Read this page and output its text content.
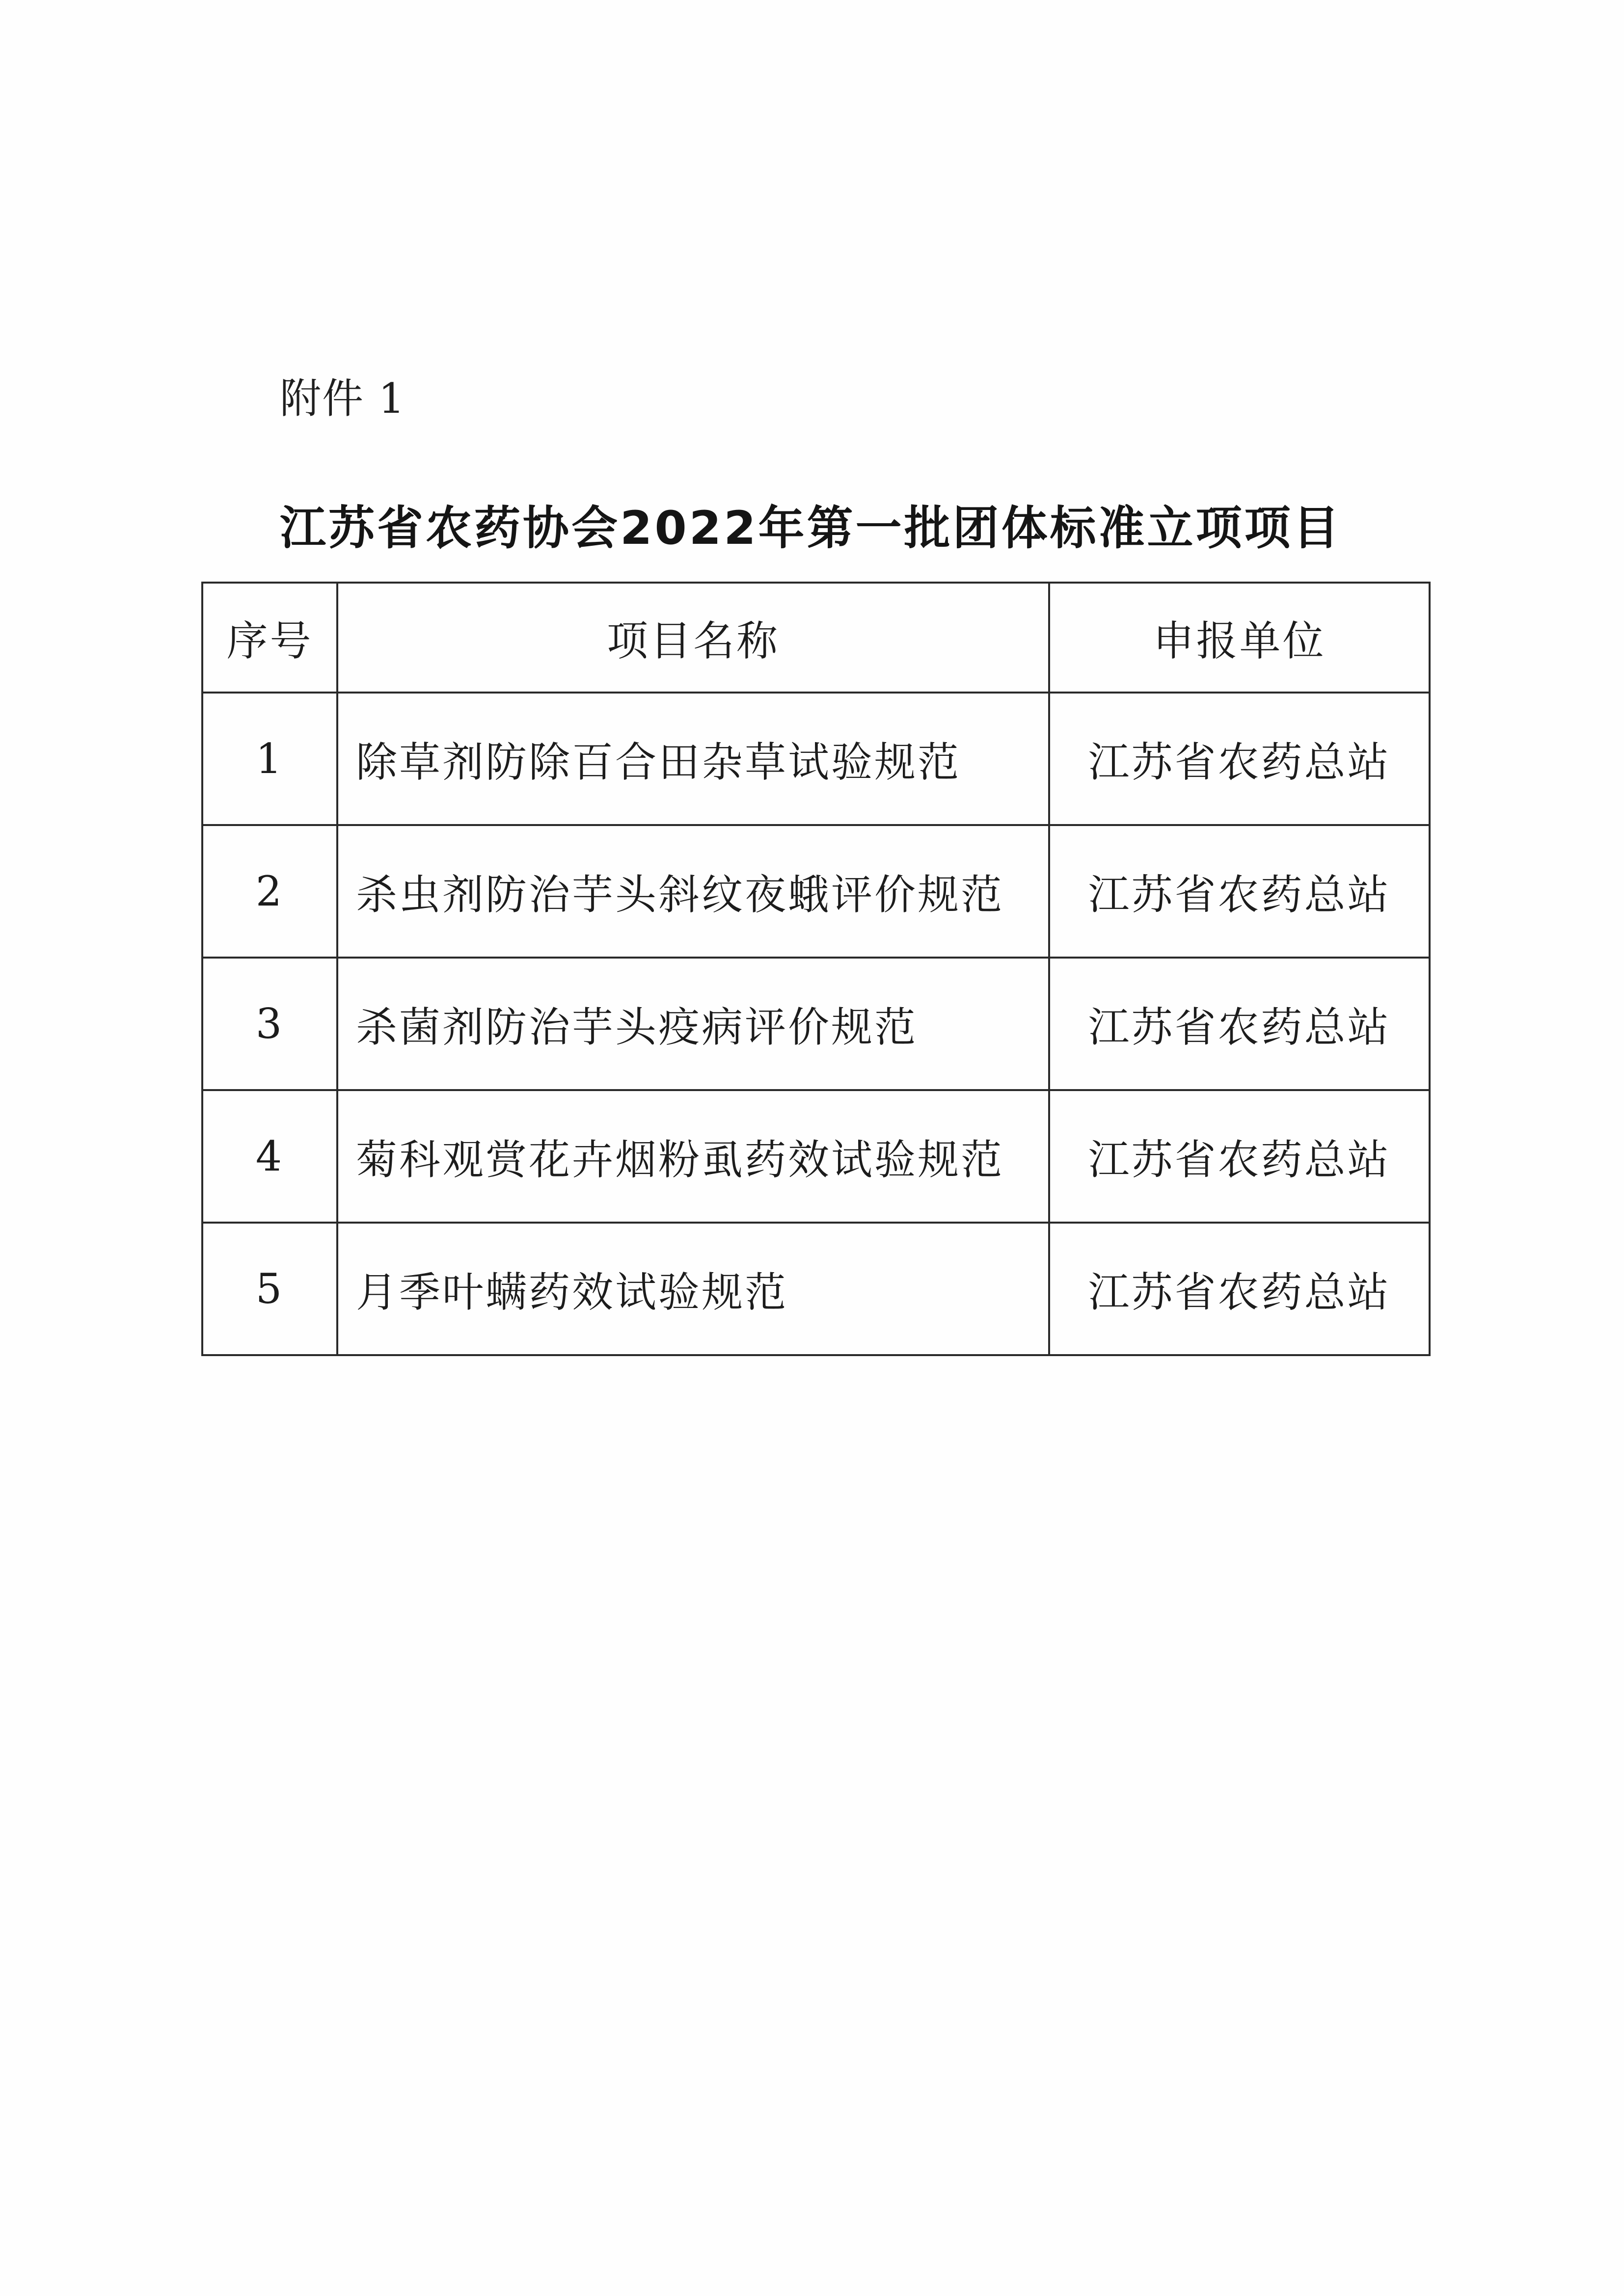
附件 1
江苏省农药协会2022年第一批团体标准立项项目
序号	项目名称	申报单位
1	除草剂防除百合田杂草试验规范	江苏省农药总站
2	杀虫剂防治芋头斜纹夜蛾评价规范	江苏省农药总站
3	杀菌剂防治芋头疫病评价规范	江苏省农药总站
4	菊科观赏花卉烟粉虱药效试验规范	江苏省农药总站
5	月季叶螨药效试验规范	江苏省农药总站
